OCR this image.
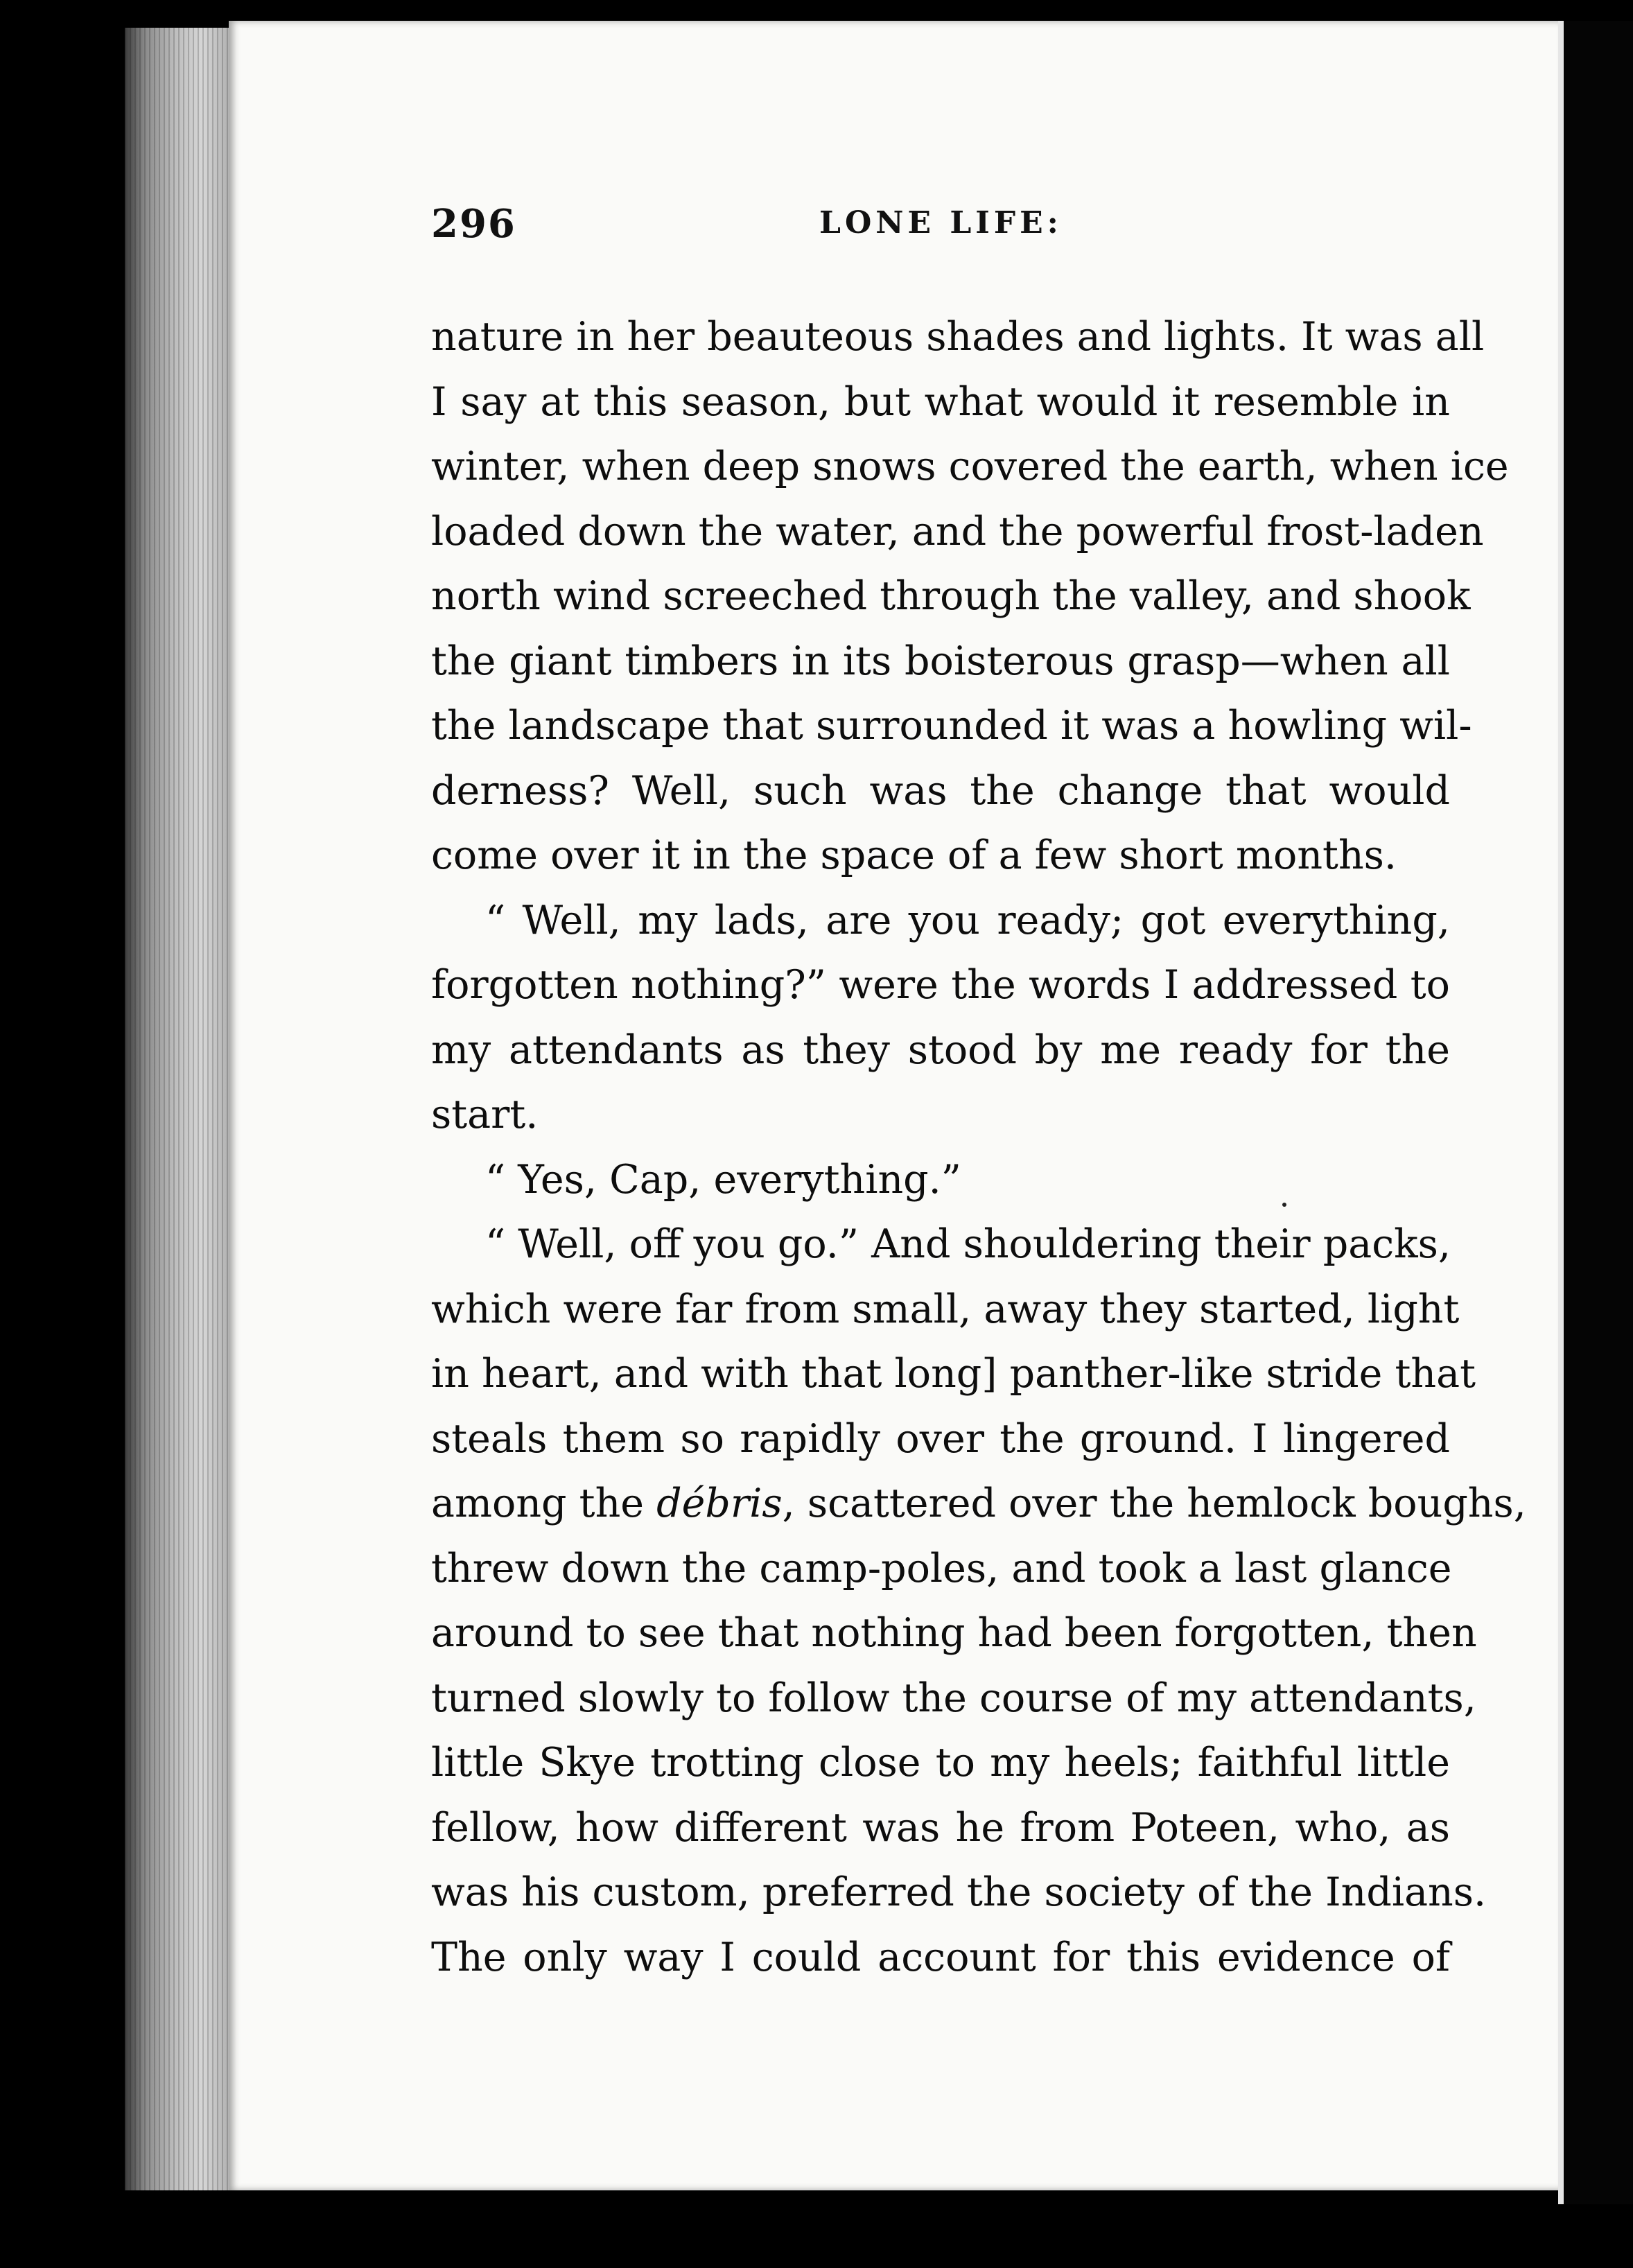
296	LONE LIFE:
nature in her beauteous shades and lights. It was all
I say at this season, but what would it resemble in
winter, when deep snows covered the earth, when ice
loaded down the water, and the powerful frost-laden
north wind screeched through the valley, and shook
the giant timbers in its boisterous grasp—when all
the landscape that surrounded it was a howling wil-
derness? Well, such was the change that would
come over it in the space of a few short months.
“ Well, my lads, are you ready; got everything,
forgotten nothing?” were the words I addressed to
my attendants as they stood by me ready for the
start.
“ Yes, Cap, everything.”
“ Well, off you go.” And shouldering their packs,
which were far from small, away they started, light
in heart, and with that long] panther-like stride that
steals them so rapidly over the ground. I lingered
among the débris, scattered over the hemlock boughs,
threw down the camp-poles, and took a last glance
around to see that nothing had been forgotten, then
turned slowly to follow the course of my attendants,
little Skye trotting close to my heels; faithful little
fellow, how different was he from Poteen, who, as
was his custom, preferred the society of the Indians.
The only way I could account for this evidence of
